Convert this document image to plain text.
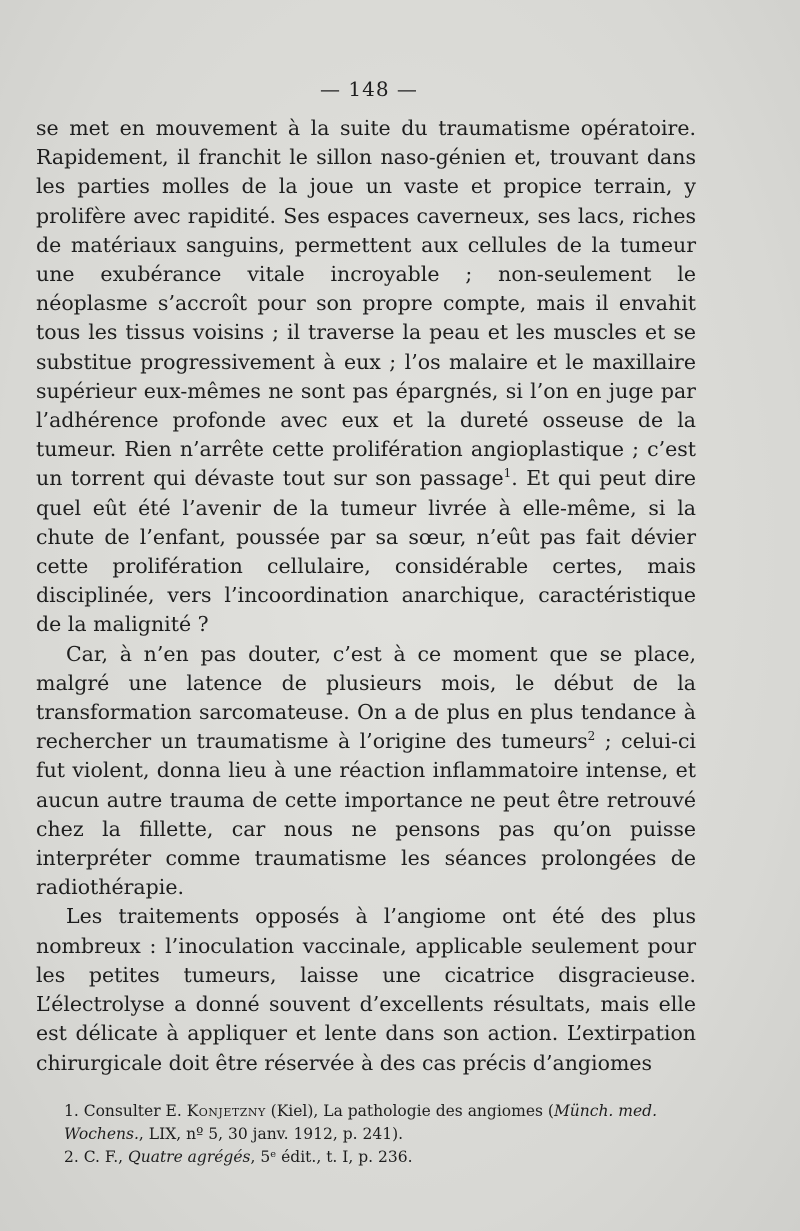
— 148 —

se met en mouvement à la suite du traumatisme opératoire. Rapidement, il franchit le sillon naso-génien et, trouvant dans les parties molles de la joue un vaste et propice terrain, y prolifère avec rapidité. Ses espaces caverneux, ses lacs, riches de matériaux sanguins, permettent aux cellules de la tumeur une exubérance vitale incroyable ; non-seulement le néoplasme s’accroît pour son propre compte, mais il envahit tous les tissus voisins ; il traverse la peau et les muscles et se substitue progressivement à eux ; l’os malaire et le maxillaire supérieur eux-mêmes ne sont pas épargnés, si l’on en juge par l’adhérence profonde avec eux et la dureté osseuse de la tumeur. Rien n’arrête cette prolifération angioplastique ; c’est un torrent qui dévaste tout sur son passage$^1$. Et qui peut dire quel eût été l’avenir de la tumeur livrée à elle-même, si la chute de l’enfant, poussée par sa sœur, n’eût pas fait dévier cette prolifération cellulaire, considérable certes, mais disciplinée, vers l’incoordination anarchique, caractéristique de la malignité ?

Car, à n’en pas douter, c’est à ce moment que se place, malgré une latence de plusieurs mois, le début de la transformation sarcomateuse. On a de plus en plus tendance à rechercher un traumatisme à l’origine des tumeurs$^2$ ; celui-ci fut violent, donna lieu à une réaction inflammatoire intense, et aucun autre trauma de cette importance ne peut être retrouvé chez la fillette, car nous ne pensons pas qu’on puisse interpréter comme traumatisme les séances prolongées de radiothérapie.

Les traitements opposés à l’angiome ont été des plus nombreux : l’inoculation vaccinale, applicable seulement pour les petites tumeurs, laisse une cicatrice disgracieuse. L’électrolyse a donné souvent d’excellents résultats, mais elle est délicate à appliquer et lente dans son action. L’extirpation chirurgicale doit être réservée à des cas précis d’angiomes

1. Consulter E. Konjetzny (Kiel), La pathologie des angiomes (Münch. med. Wochens., LIX, nº 5, 30 janv. 1912, p. 241).

2. C. F., Quatre agrégés, 5ᵉ édit., t. I, p. 236.
